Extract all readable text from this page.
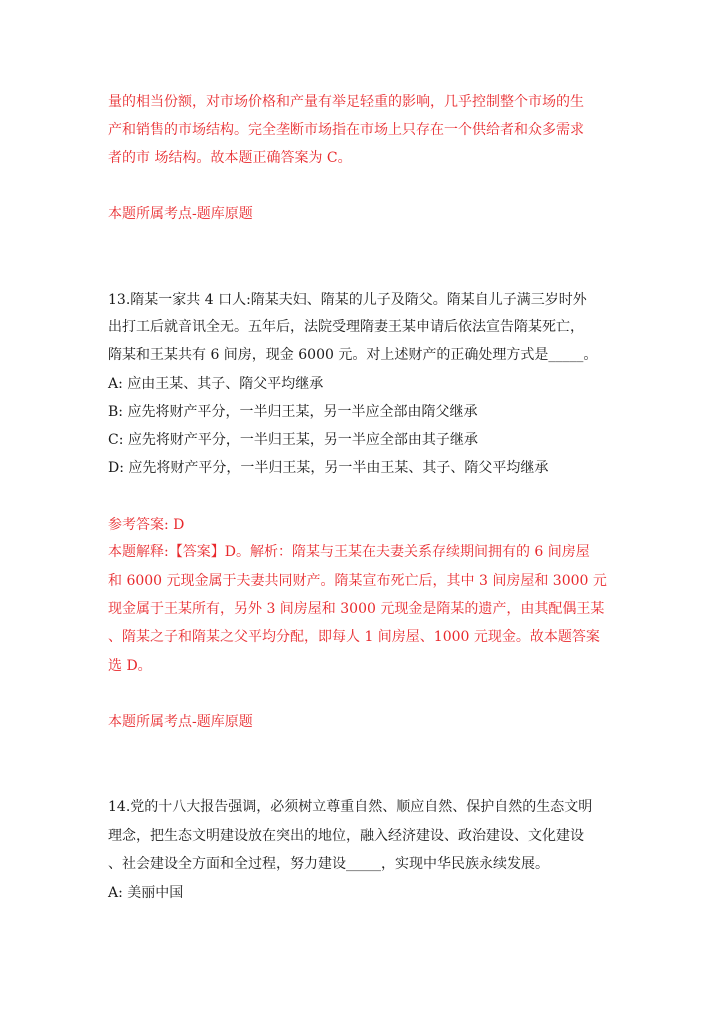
量的相当份额，对市场价格和产量有举足轻重的影响，几乎控制整个市场的生
产和销售的市场结构。完全垄断市场指在市场上只存在一个供给者和众多需求
者的市 场结构。故本题正确答案为 C。
本题所属考点-题库原题
13.隋某一家共 4 口人:隋某夫妇、隋某的儿子及隋父。隋某自儿子满三岁时外
出打工后就音讯全无。五年后，法院受理隋妻王某申请后依法宣告隋某死亡，
隋某和王某共有 6 间房，现金 6000 元。对上述财产的正确处理方式是_____。
A: 应由王某、其子、隋父平均继承
B: 应先将财产平分，一半归王某，另一半应全部由隋父继承
C: 应先将财产平分，一半归王某，另一半应全部由其子继承
D: 应先将财产平分，一半归王某，另一半由王某、其子、隋父平均继承
参考答案: D
本题解释:【答案】D。解析：隋某与王某在夫妻关系存续期间拥有的 6 间房屋
和 6000 元现金属于夫妻共同财产。隋某宣布死亡后，其中 3 间房屋和 3000 元
现金属于王某所有，另外 3 间房屋和 3000 元现金是隋某的遗产，由其配偶王某
、隋某之子和隋某之父平均分配，即每人 1 间房屋、1000 元现金。故本题答案
选 D。
本题所属考点-题库原题
14.党的十八大报告强调，必须树立尊重自然、顺应自然、保护自然的生态文明
理念，把生态文明建设放在突出的地位，融入经济建设、政治建设、文化建设
、社会建设全方面和全过程，努力建设_____，实现中华民族永续发展。
A: 美丽中国
